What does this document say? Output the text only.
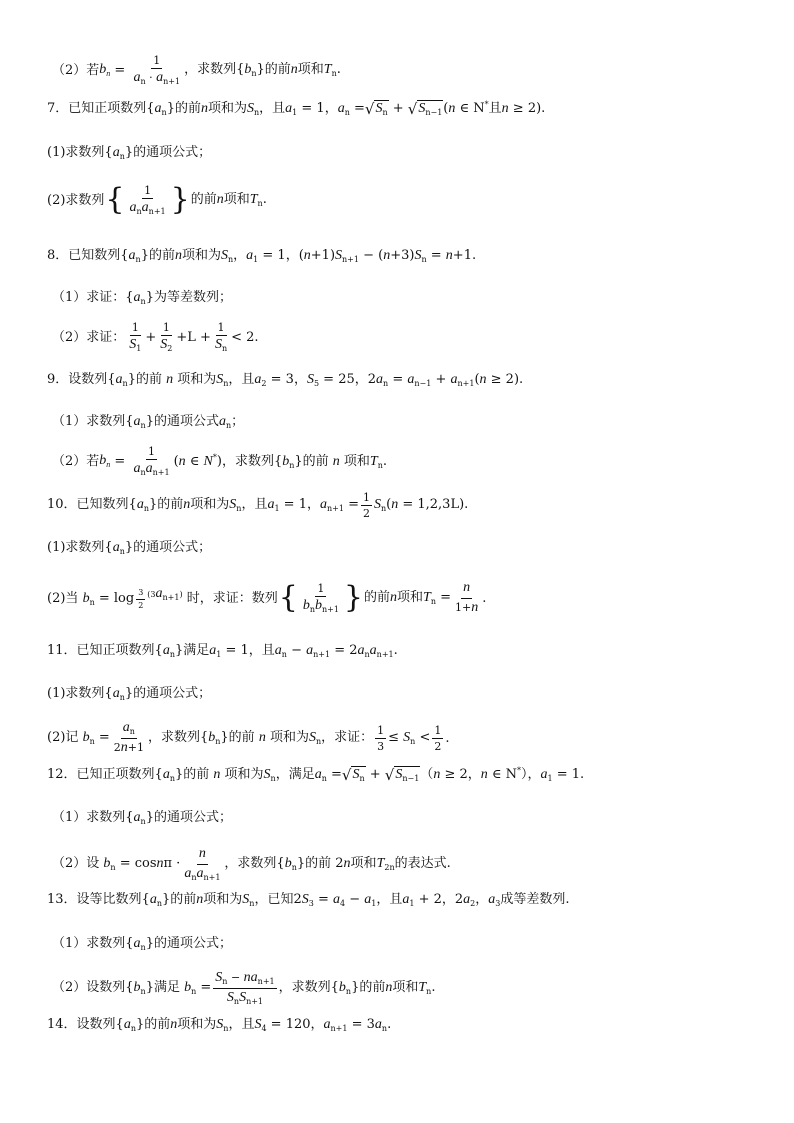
（2）若 $b_n = \frac{1}{a_n \cdot a_{n+1}}$ ，求数列$\{b_n\}$的前n项和$T_n$.
7．已知正项数列$\{a_n\}$的前n项和为$S_n$，且$a_1 = 1$，$a_n$ = √ $S_n$ + √ $S_{n-1}$ (n ∈ N*且n ≥ 2).
(1)求数列$\{a_n\}$的通项公式；
(2)求数列 { $\frac{1}{a_na_{n+1}}$ } 的前n项和$T_n$.
8．已知数列$\{a_n\}$的前n项和为$S_n$，$a_1 = 1$，$(n+1)S_{n+1} - (n+3)S_n = n+1$.
（1）求证：$\{a_n\}$为等差数列；
（2）求证： $\frac{1}{S_1} + \frac{1}{S_2} +L + \frac{1}{S_n} < 2$.
9．设数列$\{a_n\}$的前 n 项和为$S_n$，且$a_2 = 3$，$S_5 = 25$，$2a_n = a_{n-1} + a_{n+1}(n \ge 2)$.
（1）求数列$\{a_n\}$的通项公式$a_n$；
（2）若 $b_n = \frac{1}{a_na_{n+1}} (n$ ∈ N*)，求数列$\{b_n\}$的前 n 项和$T_n$.
10．已知数列$\{a_n\}$的前n项和为$S_n$，且$a_1 = 1$，$a_{n+1} = \frac{1}{2} S_n(n = 1,2,3L)$.
(1)求数列$\{a_n\}$的通项公式；
(2)当 $b_n = \log \frac{3}{2} ^{(3an+1)}$ 时，求证：数列 { $\frac{1}{b_nb_{n+1}}$ } 的前n项和$T_n = \frac{n}{1+n}$ .
11．已知正项数列$\{a_n\}$满足$a_1 = 1$，且$a_n - a_{n+1} = 2a_na_{n+1}$.
(1)求数列$\{a_n\}$的通项公式；
(2)记 $b_n = \frac{a_n}{2n+1}$ ，求数列$\{b_n\}$的前 n 项和为$S_n$，求证： $\frac{1}{3} \le S_n < \frac{1}{2}$ .
12．已知正项数列$\{a_n\}$的前 n 项和为$S_n$，满足$a_n$ = √ $S_n$ + √ $S_{n-1}$ （n ≥ 2，n ∈ N*），$a_1 = 1$.
（1）求数列$\{a_n\}$的通项公式；
（2）设 $b_n = \cos n\pi \cdot \frac{n}{a_na_{n+1}}$ ，求数列$\{b_n\}$的前 2n项和$T_{2n}$的表达式.
13．设等比数列$\{a_n\}$的前n项和为$S_n$，已知$2S_3 = a_4 - a_1$，且$a_1 + 2$，$2a_2$，$a_3$成等差数列.
（1）求数列$\{a_n\}$的通项公式；
（2）设数列$\{b_n\}$满足 $b_n = \frac{S_n - na_{n+1}}{S_nS_{n+1}}$ ，求数列$\{b_n\}$的前n项和$T_n$.
14．设数列$\{a_n\}$的前n项和为$S_n$，且$S_4 = 120$，$a_{n+1} = 3a_n$.
